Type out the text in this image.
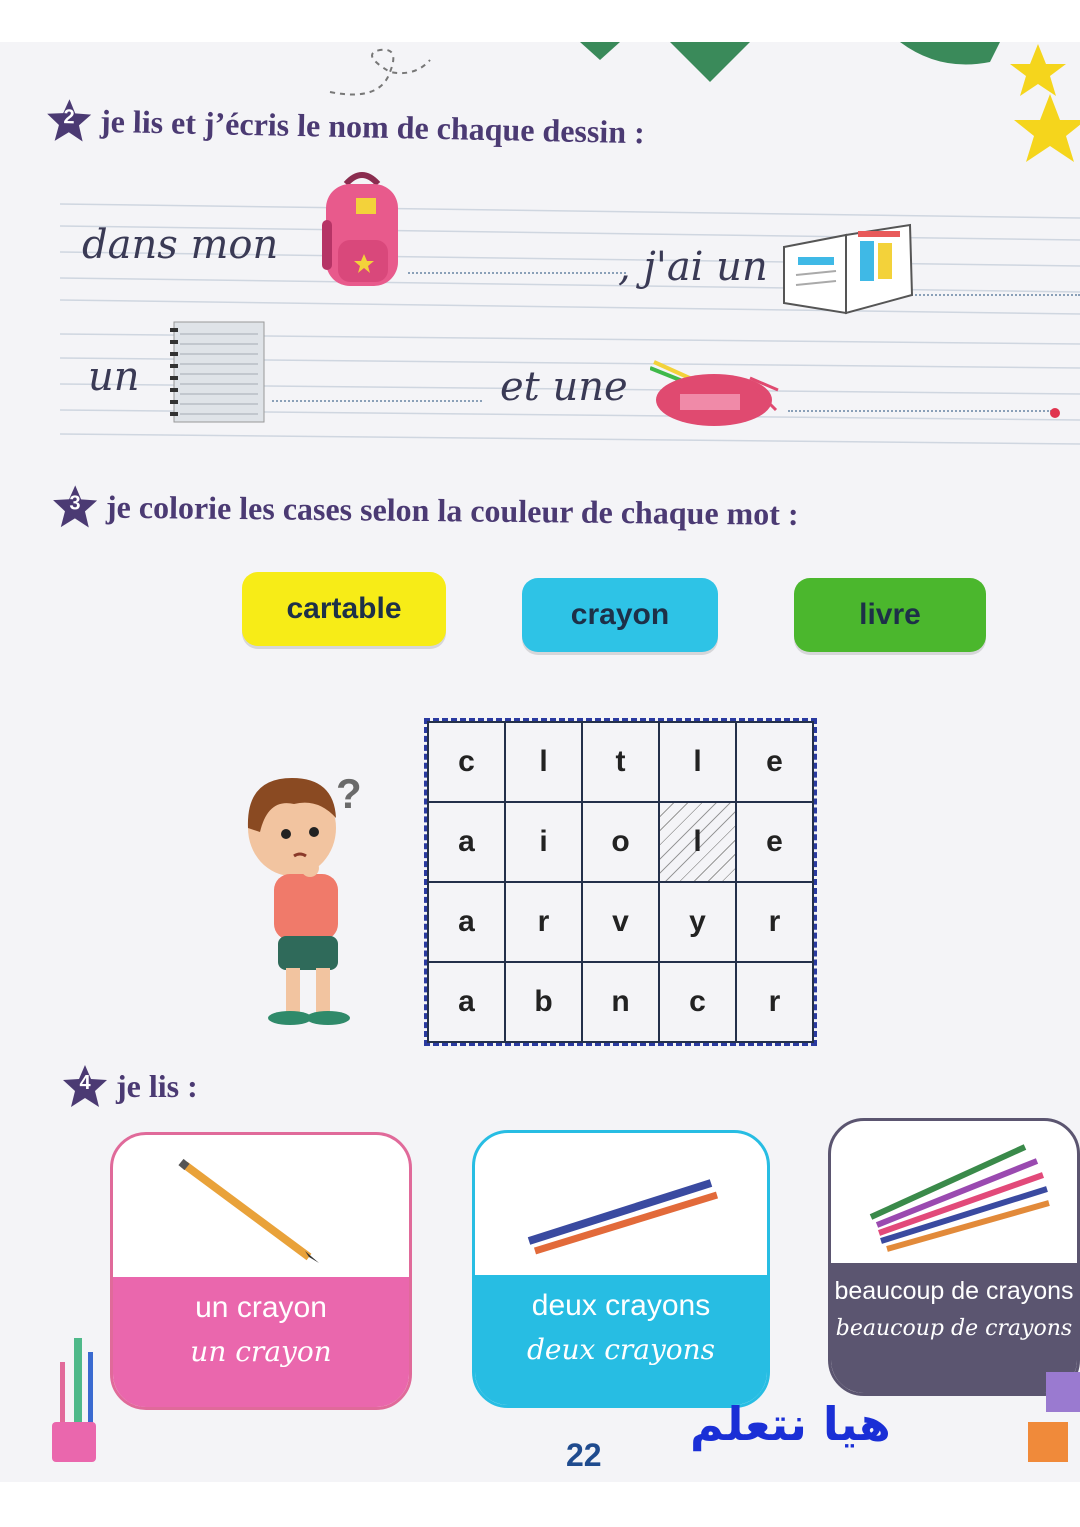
2 je lis et j’écris le nom de chaque dessin :
dans mon	, j'ai un
un	et une
3 je colorie les cases selon la couleur de chaque mot :
cartable	crayon	livre
?
c	l	t	l	e
a	i	o	l	e
a	r	v	y	r
a	b	n	c	r
4 je lis :
un crayon
un crayon
deux crayons
deux crayons
beaucoup de crayons
beaucoup de crayons
22
هيا نتعلم
